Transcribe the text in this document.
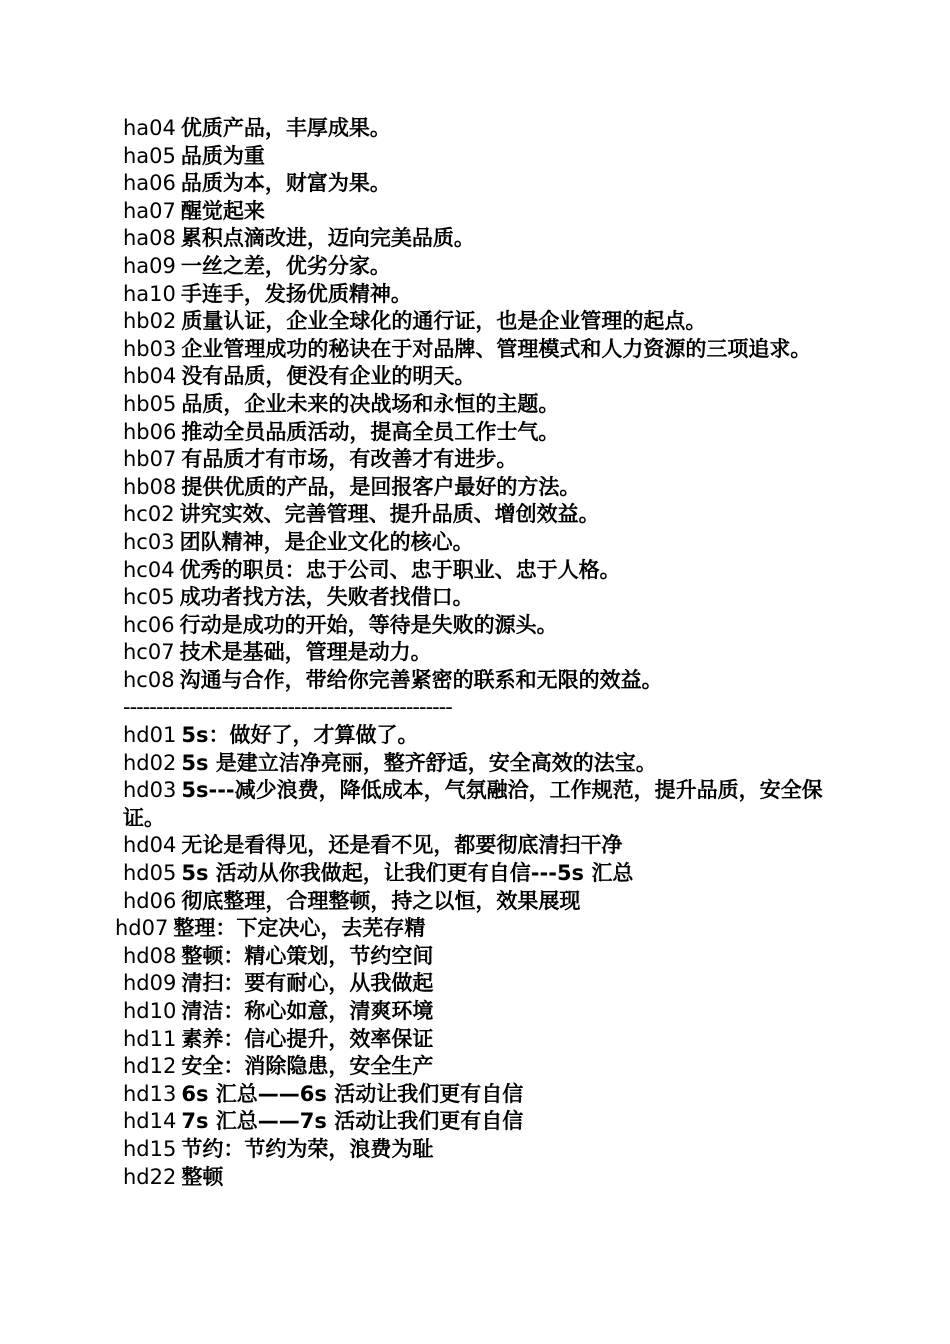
ha04 优质产品，丰厚成果。
ha05 品质为重
ha06 品质为本，财富为果。
ha07 醒觉起来
ha08 累积点滴改进，迈向完美品质。
ha09 一丝之差，优劣分家。
ha10 手连手，发扬优质精神。
hb02 质量认证，企业全球化的通行证，也是企业管理的起点。
hb03 企业管理成功的秘诀在于对品牌、管理模式和人力资源的三项追求。
hb04 没有品质，便没有企业的明天。
hb05 品质，企业未来的决战场和永恒的主题。
hb06 推动全员品质活动，提高全员工作士气。
hb07 有品质才有市场，有改善才有进步。
hb08 提供优质的产品，是回报客户最好的方法。
hc02 讲究实效、完善管理、提升品质、增创效益。
hc03 团队精神，是企业文化的核心。
hc04 优秀的职员：忠于公司、忠于职业、忠于人格。
hc05 成功者找方法，失败者找借口。
hc06 行动是成功的开始，等待是失败的源头。
hc07 技术是基础，管理是动力。
hc08 沟通与合作，带给你完善紧密的联系和无限的效益。
--------------------------------------------------
hd01 5s：做好了，才算做了。
hd02 5s 是建立洁净亮丽，整齐舒适，安全高效的法宝。
hd03 5s---减少浪费，降低成本，气氛融洽，工作规范，提升品质，安全保证。
hd04 无论是看得见，还是看不见，都要彻底清扫干净
hd05 5s 活动从你我做起，让我们更有自信---5s 汇总
hd06 彻底整理，合理整顿，持之以恒，效果展现
hd07 整理：下定决心，去芜存精
hd08 整顿：精心策划，节约空间
hd09 清扫：要有耐心，从我做起
hd10 清洁：称心如意，清爽环境
hd11 素养：信心提升，效率保证
hd12 安全：消除隐患，安全生产
hd13 6s 汇总——6s 活动让我们更有自信
hd14 7s 汇总——7s 活动让我们更有自信
hd15 节约：节约为荣，浪费为耻
hd22 整顿
